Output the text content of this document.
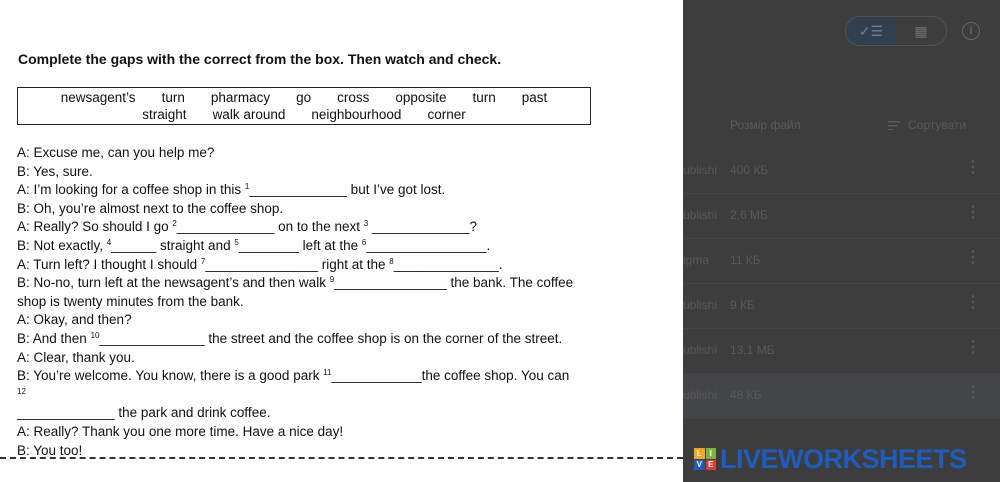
✓☰	▦	i
Розмір файл	Сортувати
ublishi 400 КБ	⋮
ublishi 2,6 МБ	⋮
igma 11 КБ	⋮
ublishi 9 КБ	⋮
ublishi 13,1 МБ	⋮
ublishi 48 КБ	⋮
Complete the gaps with the correct from the box. Then watch and check.
newsagent’s	turn	pharmacy	go	cross	opposite	turn	past
straight	walk around	neighbourhood	corner
A: Excuse me, can you help me?
B: Yes, sure.
A: I’m looking for a coffee shop in this $^1$_____________ but I’ve got lost.
B: Oh, you’re almost next to the coffee shop.
A: Really? So should I go $^2$_____________ on to the next $^3$ _____________?
B: Not exactly, $^4$______ straight and $^5$________ left at the $^6$________________.
A: Turn left? I thought I should $^7$_______________ right at the $^8$______________.
B: No-no, turn left at the newsagent’s and then walk $^9$_______________ the bank. The coffee
shop is twenty minutes from the bank.
A: Okay, and then?
B: And then $^{10}$______________ the street and the coffee shop is on the corner of the street.
A: Clear, thank you.
B: You’re welcome. You know, there is a good park $^{11}$____________the coffee shop. You can
$^{12}$
_____________ the park and drink coffee.
A: Really? Thank you one more time. Have a nice day!
B: You too!	L I
V E LIVEWORKSHEETS
